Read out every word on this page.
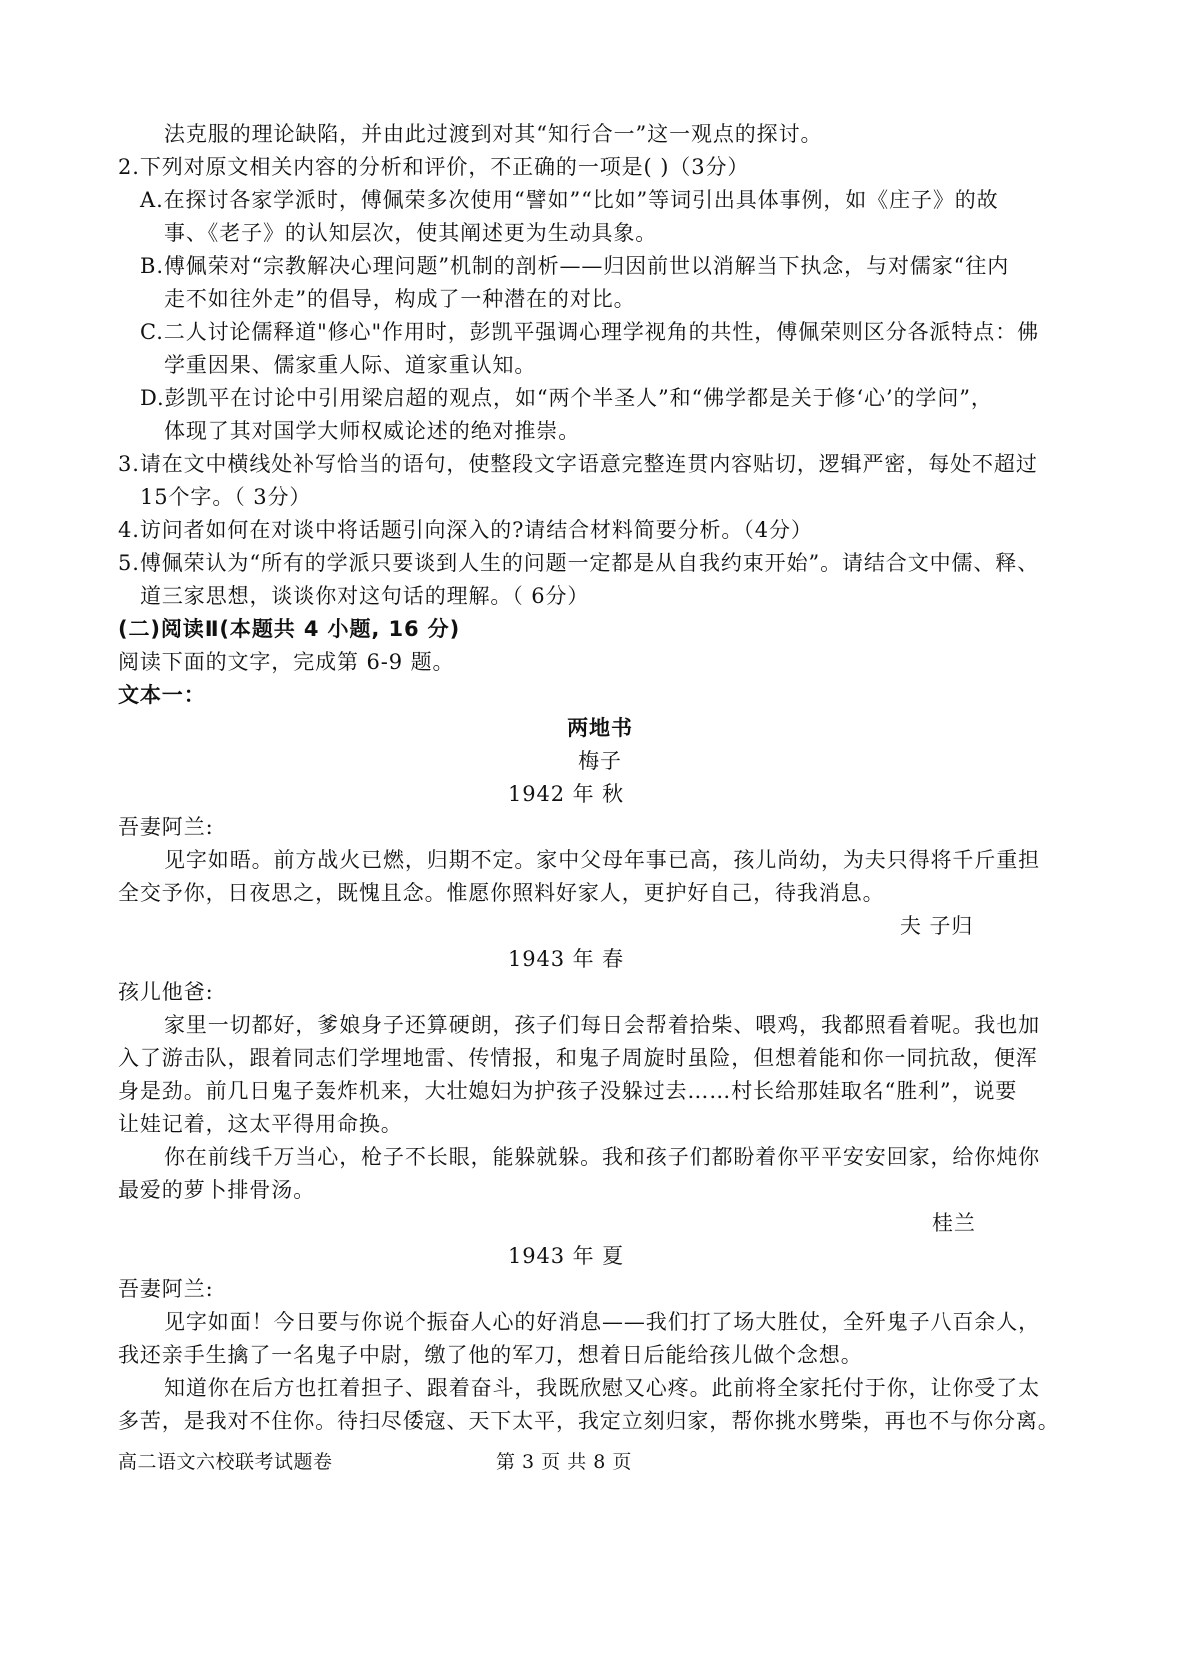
法克服的理论缺陷，并由此过渡到对其“知行合一”这一观点的探讨。
2.下列对原文相关内容的分析和评价，不正确的一项是( )（3分）
A.在探讨各家学派时，傅佩荣多次使用“譬如”“比如”等词引出具体事例，如《庄子》的故
事、《老子》的认知层次，使其阐述更为生动具象。
B.傅佩荣对“宗教解决心理问题”机制的剖析——归因前世以消解当下执念，与对儒家“往内
走不如往外走”的倡导，构成了一种潜在的对比。
C.二人讨论儒释道"修心"作用时，彭凯平强调心理学视角的共性，傅佩荣则区分各派特点：佛
学重因果、儒家重人际、道家重认知。
D.彭凯平在讨论中引用梁启超的观点，如“两个半圣人”和“佛学都是关于修‘心’的学问”，
体现了其对国学大师权威论述的绝对推崇。
3.请在文中横线处补写恰当的语句，使整段文字语意完整连贯内容贴切，逻辑严密，每处不超过
15个字。（ 3分）
4.访问者如何在对谈中将话题引向深入的?请结合材料简要分析。（4分）
5.傅佩荣认为“所有的学派只要谈到人生的问题一定都是从自我约束开始”。请结合文中儒、释、
道三家思想，谈谈你对这句话的理解。（ 6分）
(二)阅读Ⅱ(本题共 4 小题, 16 分)
阅读下面的文字，完成第 6-9 题。
文本一：
两地书
梅子
1942 年 秋
吾妻阿兰:
见字如晤。前方战火已燃，归期不定。家中父母年事已高，孩儿尚幼，为夫只得将千斤重担
全交予你，日夜思之，既愧且念。惟愿你照料好家人，更护好自己，待我消息。
夫 子归
1943 年 春
孩儿他爸:
家里一切都好，爹娘身子还算硬朗，孩子们每日会帮着拾柴、喂鸡，我都照看着呢。我也加
入了游击队，跟着同志们学埋地雷、传情报，和鬼子周旋时虽险，但想着能和你一同抗敌，便浑
身是劲。前几日鬼子轰炸机来，大壮媳妇为护孩子没躲过去……村长给那娃取名“胜利”，说要
让娃记着，这太平得用命换。
你在前线千万当心，枪子不长眼，能躲就躲。我和孩子们都盼着你平平安安回家，给你炖你
最爱的萝卜排骨汤。
桂兰
1943 年 夏
吾妻阿兰:
见字如面！今日要与你说个振奋人心的好消息——我们打了场大胜仗，全歼鬼子八百余人，
我还亲手生擒了一名鬼子中尉，缴了他的军刀，想着日后能给孩儿做个念想。
知道你在后方也扛着担子、跟着奋斗，我既欣慰又心疼。此前将全家托付于你，让你受了太
多苦，是我对不住你。待扫尽倭寇、天下太平，我定立刻归家，帮你挑水劈柴，再也不与你分离。
高二语文六校联考试题卷	第 3 页 共 8 页
